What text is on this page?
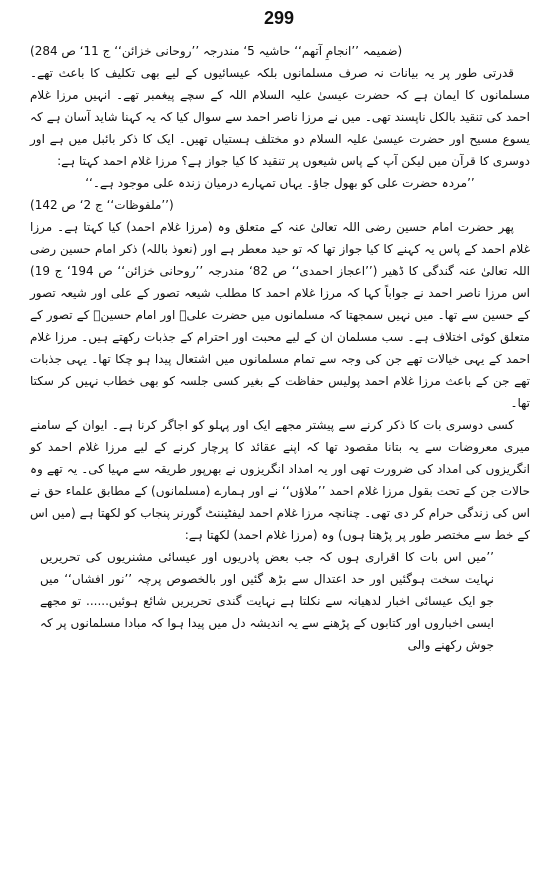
299

(ضمیمہ ’’انجامِ آتھم‘‘ حاشیہ 5‘ مندرجہ ’’روحانی خزائن‘‘ ج 11‘ ص 284)

قدرتی طور پر یہ بیانات نہ صرف مسلمانوں بلکہ عیسائیوں کے لیے بھی تکلیف کا باعث تھے۔ مسلمانوں کا ایمان ہے کہ حضرت عیسیٰ علیہ السلام اللہ کے سچے پیغمبر تھے۔ انہیں مرزا غلام احمد کی تنقید بالکل ناپسند تھی۔ میں نے مرزا ناصر احمد سے سوال کیا کہ یہ کہنا شاید آسان ہے کہ یسوع مسیح اور حضرت عیسیٰ علیہ السلام دو مختلف ہستیاں تھیں۔ ایک کا ذکر بائبل میں ہے اور دوسری کا قرآن میں لیکن آپ کے پاس شیعوں پر تنقید کا کیا جواز ہے؟ مرزا غلام احمد کہتا ہے:

’’مردہ حضرت علی کو بھول جاؤ۔ یہاں تمہارے درمیان زندہ علی موجود ہے۔‘‘

(’’ملفوظات‘‘ ج 2‘ ص 142)

پھر حضرت امام حسین رضی اللہ تعالیٰ عنہ کے متعلق وہ (مرزا غلام احمد) کیا کہتا ہے۔ مرزا غلام احمد کے پاس یہ کہنے کا کیا جواز تھا کہ تو حید معطر ہے اور (نعوذ باللہ) ذکر امام حسین رضی اللہ تعالیٰ عنہ گندگی کا ڈھیر (’’اعجاز احمدی‘‘ ص 82‘ مندرجہ ’’روحانی خزائن‘‘ ص 194‘ ج 19) اس مرزا ناصر احمد نے جواباً کہا کہ مرزا غلام احمد کا مطلب شیعہ تصور کے علی اور شیعہ تصور کے حسین سے تھا۔ میں نہیں سمجھتا کہ مسلمانوں میں حضرت علیؓ اور امام حسینؓ کے تصور کے متعلق کوئی اختلاف ہے۔ سب مسلمان ان کے لیے محبت اور احترام کے جذبات رکھتے ہیں۔ مرزا غلام احمد کے یہی خیالات تھے جن کی وجہ سے تمام مسلمانوں میں اشتعال پیدا ہو چکا تھا۔ یہی جذبات تھے جن کے باعث مرزا غلام احمد پولیس حفاظت کے بغیر کسی جلسہ کو بھی خطاب نہیں کر سکتا تھا۔

کسی دوسری بات کا ذکر کرنے سے پیشتر مجھے ایک اور پہلو کو اجاگر کرنا ہے۔ ایوان کے سامنے میری معروضات سے یہ بتانا مقصود تھا کہ اپنے عقائد کا پرچار کرنے کے لیے مرزا غلام احمد کو انگریزوں کی امداد کی ضرورت تھی اور یہ امداد انگریزوں نے بھرپور طریقہ سے مہیا کی۔ یہ تھے وہ حالات جن کے تحت بقول مرزا غلام احمد ’’ملاؤں‘‘ نے اور ہمارے (مسلمانوں) کے مطابق علماء حق نے اس کی زندگی حرام کر دی تھی۔ چنانچہ مرزا غلام احمد لیفٹیننٹ گورنر پنجاب کو لکھتا ہے (میں اس کے خط سے مختصر طور پر پڑھتا ہوں) وہ (مرزا غلام احمد) لکھتا ہے:

’’میں اس بات کا اقراری ہوں کہ جب بعض پادریوں اور عیسائی مشنریوں کی تحریریں نہایت سخت ہوگئیں اور حد اعتدال سے بڑھ گئیں اور بالخصوص پرچہ ’’نور افشاں‘‘ میں جو ایک عیسائی اخبار لدھیانہ سے نکلتا ہے نہایت گندی تحریریں شائع ہوئیں...... تو مجھے ایسی اخباروں اور کتابوں کے پڑھنے سے یہ اندیشہ دل میں پیدا ہوا کہ مبادا مسلمانوں پر کہ جوش رکھنے والی
